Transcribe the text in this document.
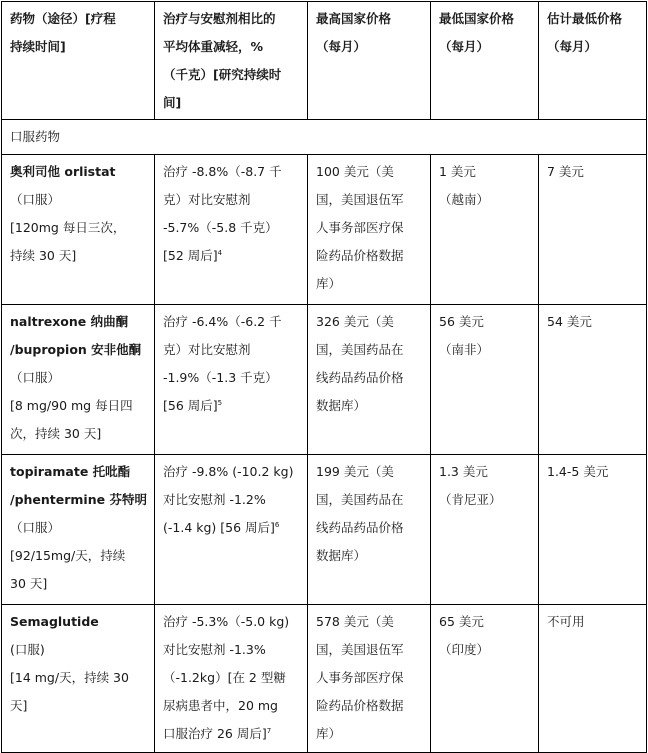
药物（途径）[疗程
持续时间]	治疗与安慰剂相比的
平均体重减轻，%
（千克）[研究持续时
间]	最高国家价格
（每月）	最低国家价格
（每月）	估计最低价格
（每月）

口服药物				

奥利司他 orlistat
（口服）
[120mg 每日三次，
持续 30 天]	治疗 -8.8%（-8.7 千
克）对比安慰剂
-5.7%（-5.8 千克）
[52 周后]$^4$	100 美元（美
国，美国退伍军
人事务部医疗保
险药品价格数据
库）	1 美元
（越南）	7 美元

naltrexone 纳曲酮
/bupropion 安非他酮
（口服）
[8 mg/90 mg 每日四
次，持续 30 天]	治疗 -6.4%（-6.2 千
克）对比安慰剂
-1.9%（-1.3 千克）
[56 周后]$^5$	326 美元（美
国，美国药品在
线药品药品价格
数据库）	56 美元
（南非）	54 美元

topiramate 托吡酯
/phentermine 芬特明
（口服）
[92/15mg/天，持续
30 天]	治疗 -9.8% (-10.2 kg)
对比安慰剂 -1.2%
(-1.4 kg) [56 周后]$^6$	199 美元（美
国，美国药品在
线药品药品价格
数据库）	1.3 美元
（肯尼亚）	1.4-5 美元

Semaglutide
(口服)
[14 mg/天，持续 30
天]	治疗 -5.3%（-5.0 kg)
对比安慰剂 -1.3%
（-1.2kg）[在 2 型糖
尿病患者中，20 mg
口服治疗 26 周后]$^7$	578 美元（美
国，美国退伍军
人事务部医疗保
险药品价格数据
库）	65 美元
（印度）	不可用
